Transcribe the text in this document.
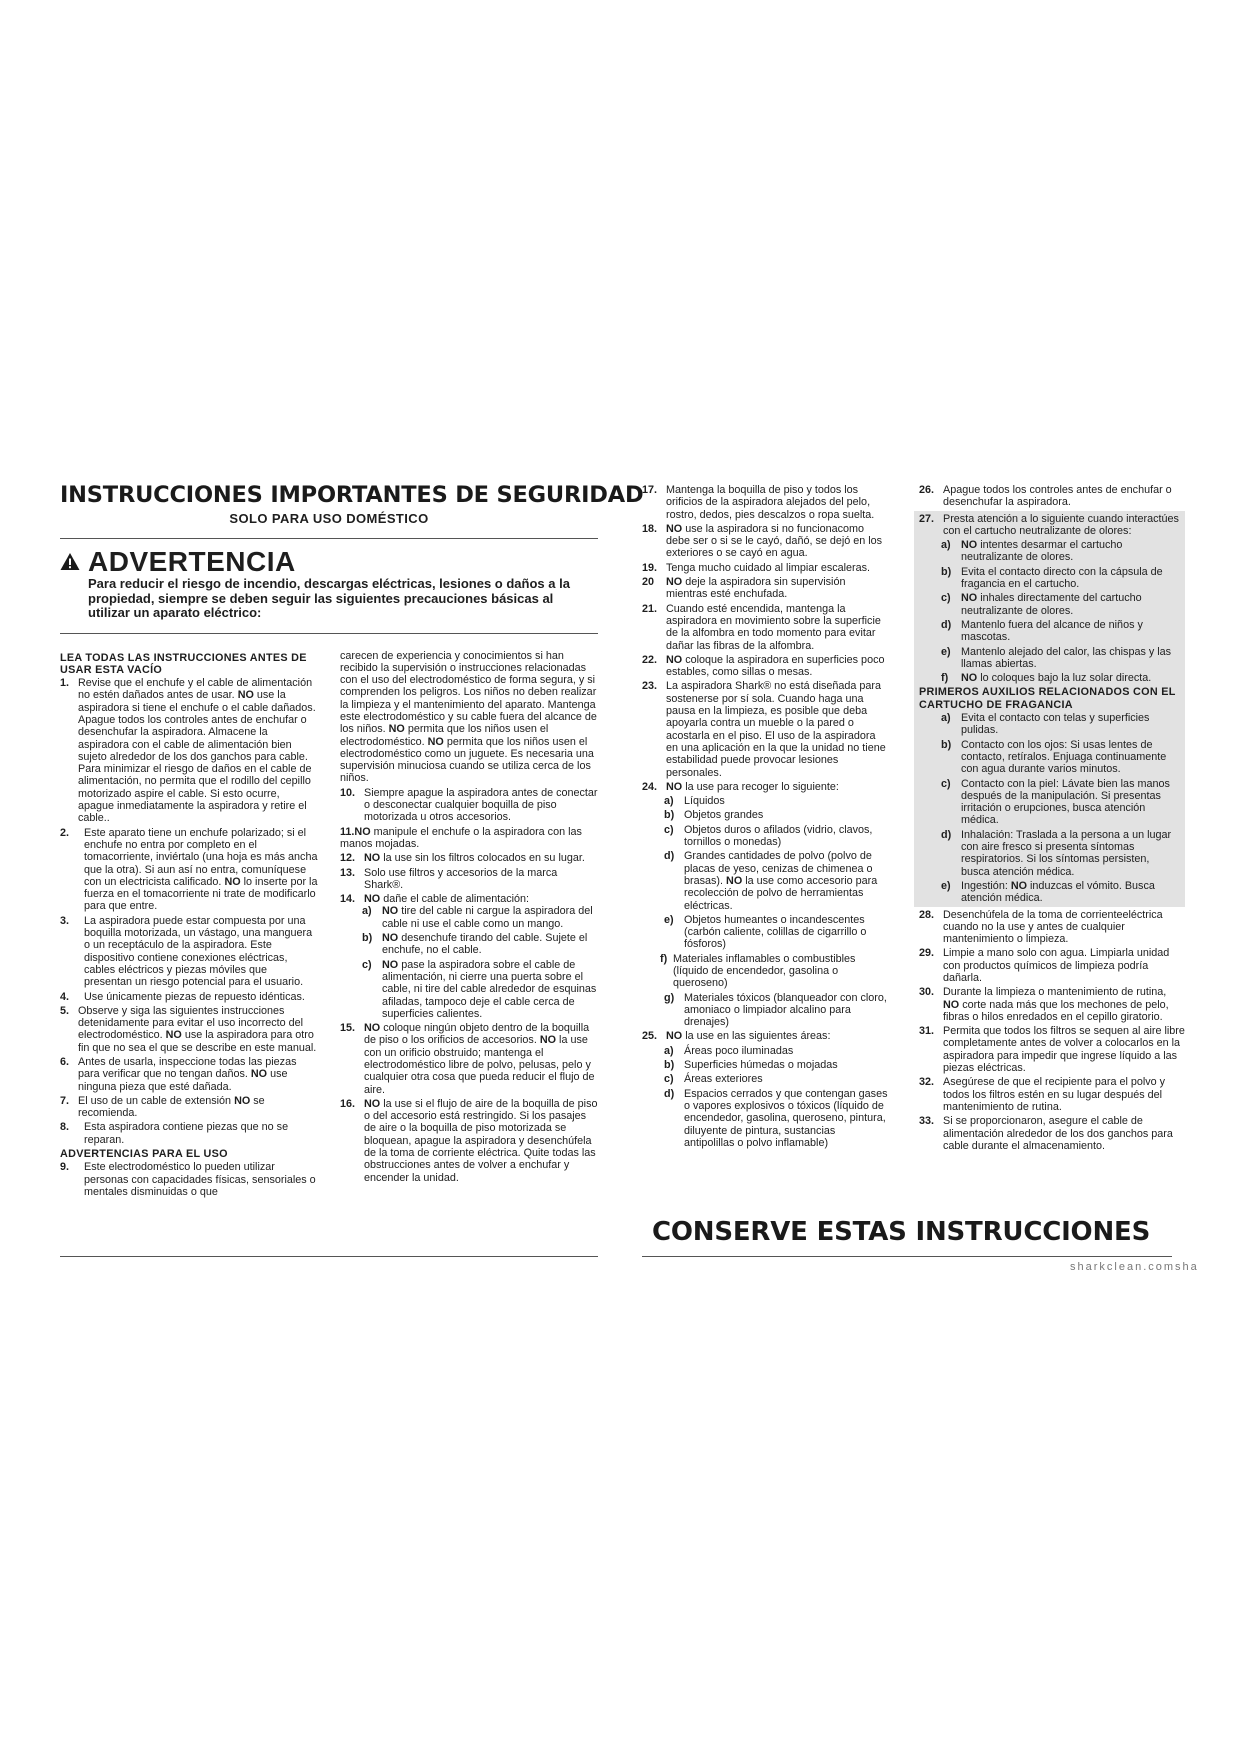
INSTRUCCIONES IMPORTANTES DE SEGURIDAD
SOLO PARA USO DOMÉSTICO
ADVERTENCIA
Para reducir el riesgo de incendio, descargas eléctricas, lesiones o daños a la propiedad, siempre se deben seguir las siguientes precauciones básicas al utilizar un aparato eléctrico:
LEA TODAS LAS INSTRUCCIONES ANTES DE USAR ESTA VACÍO
1. Revise que el enchufe y el cable de alimentación no estén dañados antes de usar. NO use la aspiradora si tiene el enchufe o el cable dañados. Apague todos los controles antes de enchufar o desenchufar la aspiradora. Almacene la aspiradora con el cable de alimentación bien sujeto alrededor de los dos ganchos para cable. Para minimizar el riesgo de daños en el cable de alimentación, no permita que el rodillo del cepillo motorizado aspire el cable. Si esto ocurre, apague inmediatamente la aspiradora y retire el cable..
2.	Este aparato tiene un enchufe polarizado; si el enchufe no entra por completo en el tomacorriente, inviértalo (una hoja es más ancha que la otra). Si aun así no entra, comuníquese con un electricista calificado. NO lo inserte por la fuerza en el tomacorriente ni trate de modificarlo para que entre.
3.	La aspiradora puede estar compuesta por una boquilla motorizada, un vástago, una manguera o un receptáculo de la aspiradora. Este dispositivo contiene conexiones eléctricas, cables eléctricos y piezas móviles que presentan un riesgo potencial para el usuario.
4.	Use únicamente piezas de repuesto idénticas.
5. Observe y siga las siguientes instrucciones detenidamente para evitar el uso incorrecto del electrodoméstico. NO use la aspiradora para otro fin que no sea el que se describe en este manual.
6. Antes de usarla, inspeccione todas las piezas para verificar que no tengan daños. NO use ninguna pieza que esté dañada.
7. El uso de un cable de extensión NO se recomienda.
8.	Esta aspiradora contiene piezas que no se reparan.
ADVERTENCIAS PARA EL USO
9.	Este electrodoméstico lo pueden utilizar personas con capacidades físicas, sensoriales o mentales disminuidas o que
carecen de experiencia y conocimientos si han recibido la supervisión o instrucciones relacionadas con el uso del electrodoméstico de forma segura, y si comprenden los peligros. Los niños no deben realizar la limpieza y el mantenimiento del aparato. Mantenga este electrodoméstico y su cable fuera del alcance de los niños. NO permita que los niños usen el electrodoméstico. NO permita que los niños usen el electrodoméstico como un juguete. Es necesaria una supervisión minuciosa cuando se utiliza cerca de los niños.
10. Siempre apague la aspiradora antes de conectar o desconectar cualquier boquilla de piso motorizada u otros accesorios.
11.NO manipule el enchufe o la aspiradora con las manos mojadas.
12. NO la use sin los filtros colocados en su lugar.
13. Solo use filtros y accesorios de la marca Shark®.
14. NO dañe el cable de alimentación:
a) NO tire del cable ni cargue la aspiradora del cable ni use el cable como un mango.
b) NO desenchufe tirando del cable. Sujete el enchufe, no el cable.
c) NO pase la aspiradora sobre el cable de alimentación, ni cierre una puerta sobre el cable, ni tire del cable alrededor de esquinas afiladas, tampoco deje el cable cerca de superficies calientes.
15. NO coloque ningún objeto dentro de la boquilla de piso o los orificios de accesorios. NO la use con un orificio obstruido; mantenga el electrodoméstico libre de polvo, pelusas, pelo y cualquier otra cosa que pueda reducir el flujo de aire.
16. NO la use si el flujo de aire de la boquilla de piso o del accesorio está restringido. Si los pasajes de aire o la boquilla de piso motorizada se bloquean, apague la aspiradora y desenchúfela de la toma de corriente eléctrica. Quite todas las obstrucciones antes de volver a enchufar y encender la unidad.
17. Mantenga la boquilla de piso y todos los orificios de la aspiradora alejados del pelo, rostro, dedos, pies descalzos o ropa suelta.
18. NO use la aspiradora si no funcionacomo debe ser o si se le cayó, dañó, se dejó en los exteriores o se cayó en agua.
19. Tenga mucho cuidado al limpiar escaleras.
20	NO deje la aspiradora sin supervisión mientras esté enchufada.
21. Cuando esté encendida, mantenga la aspiradora en movimiento sobre la superficie de la alfombra en todo momento para evitar dañar las fibras de la alfombra.
22. NO coloque la aspiradora en superficies poco estables, como sillas o mesas.
23. La aspiradora Shark® no está diseñada para sostenerse por sí sola. Cuando haga una pausa en la limpieza, es posible que deba apoyarla contra un mueble o la pared o acostarla en el piso. El uso de la aspiradora en una aplicación en la que la unidad no tiene estabilidad puede provocar lesiones personales.
24. NO la use para recoger lo siguiente:
a) Líquidos
b) Objetos grandes
c) Objetos duros o afilados (vidrio, clavos, tornillos o monedas)
d) Grandes cantidades de polvo (polvo de placas de yeso, cenizas de chimenea o brasas). NO la use como accesorio para recolección de polvo de herramientas eléctricas.
e) Objetos humeantes o incandescentes (carbón caliente, colillas de cigarrillo o fósforos)
f) Materiales inflamables o combustibles (líquido de encendedor, gasolina o queroseno)
g) Materiales tóxicos (blanqueador con cloro, amoniaco o limpiador alcalino para drenajes)
25. NO la use en las siguientes áreas:
a) Áreas poco iluminadas
b) Superficies húmedas o mojadas
c) Áreas exteriores
d) Espacios cerrados y que contengan gases o vapores explosivos o tóxicos (líquido de encendedor, gasolina, queroseno, pintura, diluyente de pintura, sustancias antipolillas o polvo inflamable)
26. Apague todos los controles antes de enchufar o desenchufar la aspiradora.
27. Presta atención a lo siguiente cuando interactúes con el cartucho neutralizante de olores:
a) NO intentes desarmar el cartucho neutralizante de olores.
b) Evita el contacto directo con la cápsula de fragancia en el cartucho.
c) NO inhales directamente del cartucho neutralizante de olores.
d) Mantenlo fuera del alcance de niños y mascotas.
e) Mantenlo alejado del calor, las chispas y las llamas abiertas.
f)	NO lo coloques bajo la luz solar directa.
PRIMEROS AUXILIOS RELACIONADOS CON EL CARTUCHO DE FRAGANCIA
a) Evita el contacto con telas y superficies pulidas.
b) Contacto con los ojos: Si usas lentes de contacto, retíralos. Enjuaga continuamente con agua durante varios minutos.
c) Contacto con la piel: Lávate bien las manos después de la manipulación. Si presentas irritación o erupciones, busca atención médica.
d) Inhalación: Traslada a la persona a un lugar con aire fresco si presenta síntomas respiratorios. Si los síntomas persisten, busca atención médica.
e) Ingestión: NO induzcas el vómito. Busca atención médica.
28. Desenchúfela de la toma de corrienteeléctrica cuando no la use y antes de cualquier mantenimiento o limpieza.
29. Limpie a mano solo con agua. Limpiarla unidad con productos químicos de limpieza podría dañarla.
30. Durante la limpieza o mantenimiento de rutina, NO corte nada más que los mechones de pelo, fibras o hilos enredados en el cepillo giratorio.
31. Permita que todos los filtros se sequen al aire libre completamente antes de volver a colocarlos en la aspiradora para impedir que ingrese líquido a las piezas eléctricas.
32. Asegúrese de que el recipiente para el polvo y todos los filtros estén en su lugar después del mantenimiento de rutina.
33. Si se proporcionaron, asegure el cable de alimentación alrededor de los dos ganchos para cable durante el almacenamiento.
CONSERVE ESTAS INSTRUCCIONES
sharkclean.comsha
